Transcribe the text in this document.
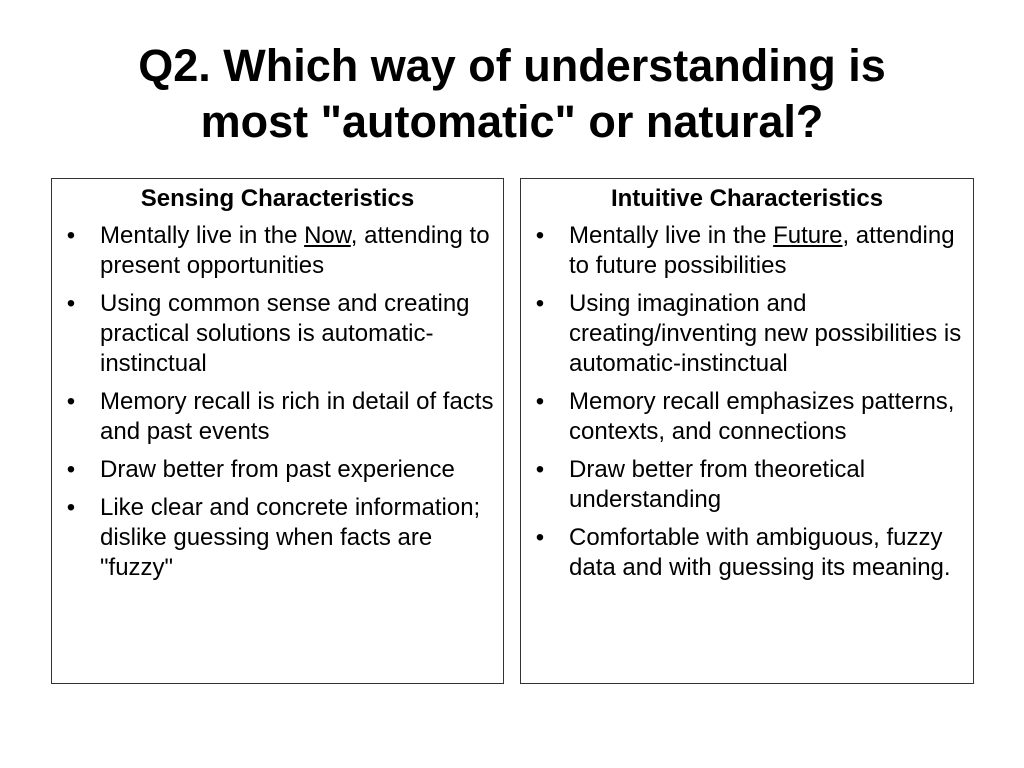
Q2. Which way of understanding is
most "automatic" or natural?
Sensing Characteristics
• Mentally live in the Now, attending to present opportunities
• Using common sense and creating practical solutions is automatic-instinctual
• Memory recall is rich in detail of facts and past events
• Draw better from past experience
• Like clear and concrete information; dislike guessing when facts are "fuzzy"
Intuitive Characteristics
• Mentally live in the Future, attending to future possibilities
• Using imagination and creating/inventing new possibilities is automatic-instinctual
• Memory recall emphasizes patterns, contexts, and connections
• Draw better from theoretical understanding
• Comfortable with ambiguous, fuzzy data and with guessing its meaning.
